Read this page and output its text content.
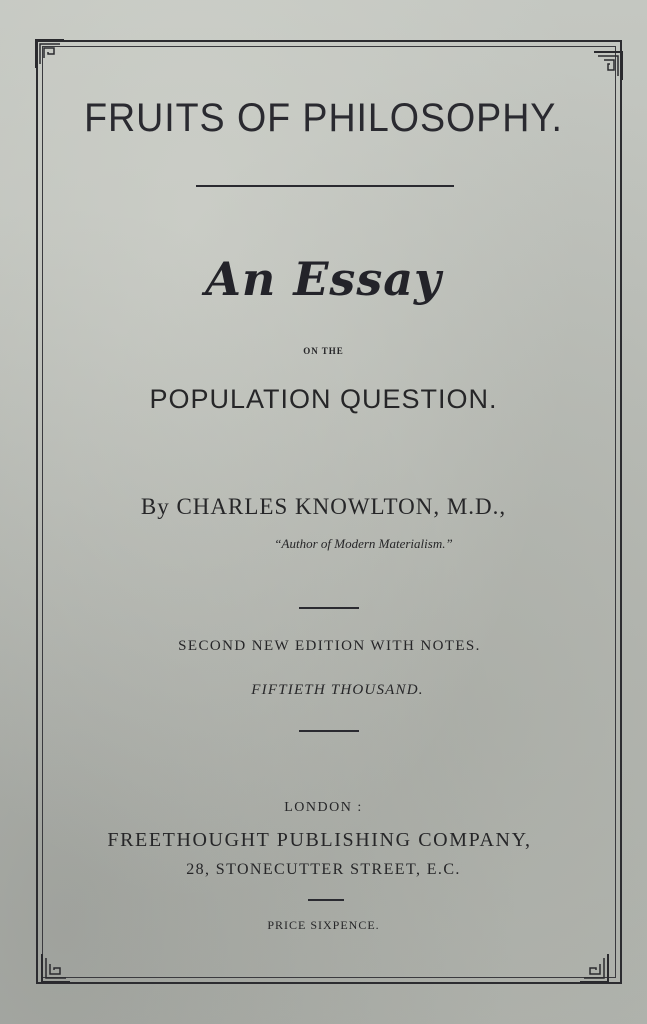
FRUITS OF PHILOSOPHY.
An Essay
ON THE
POPULATION QUESTION.
By CHARLES KNOWLTON, M.D.,
“Author of Modern Materialism.”
SECOND NEW EDITION WITH NOTES.
FIFTIETH THOUSAND.
LONDON :
FREETHOUGHT PUBLISHING COMPANY,
28, STONECUTTER STREET, E.C.
PRICE SIXPENCE.
